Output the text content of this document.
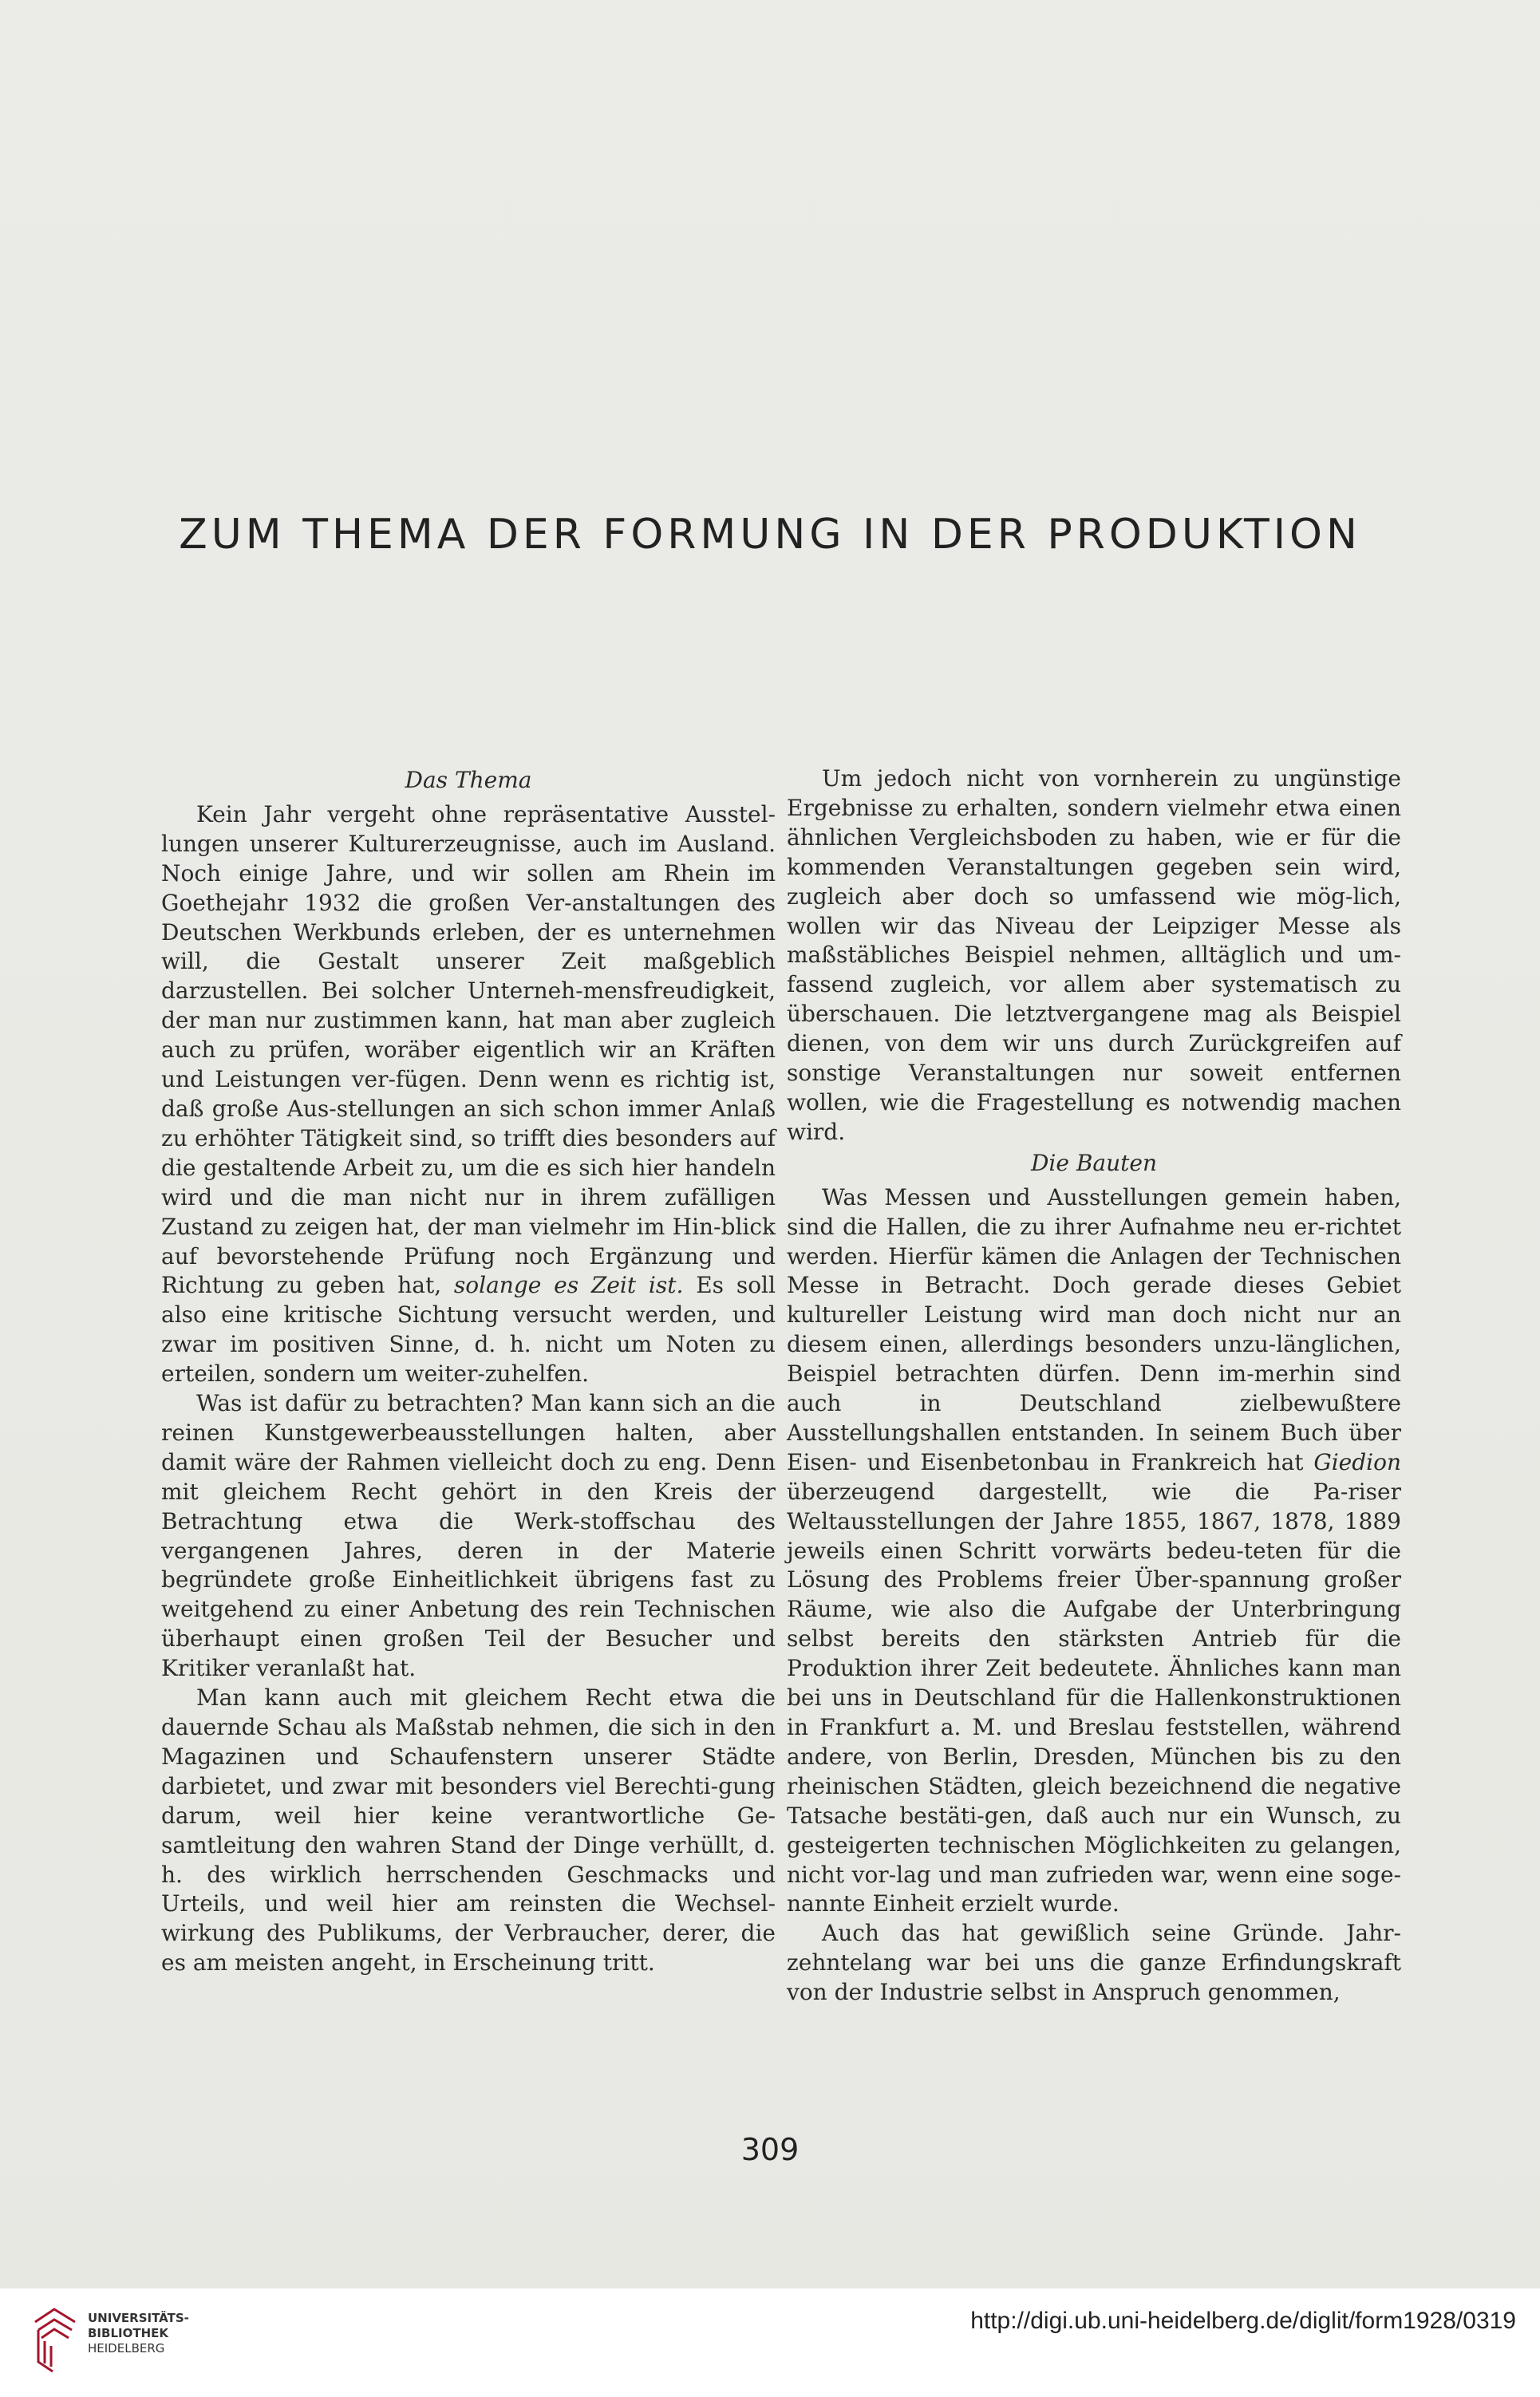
ZUM THEMA DER FORMUNG IN DER PRODUKTION

Das Thema

Kein Jahr vergeht ohne repräsentative Ausstel-lungen unserer Kulturerzeugnisse, auch im Ausland. Noch einige Jahre, und wir sollen am Rhein im Goethejahr 1932 die großen Ver-anstaltungen des Deutschen Werkbunds erleben, der es unternehmen will, die Gestalt unserer Zeit maßgeblich darzustellen. Bei solcher Unterneh-mensfreudigkeit, der man nur zustimmen kann, hat man aber zugleich auch zu prüfen, woräber eigentlich wir an Kräften und Leistungen ver-fügen. Denn wenn es richtig ist, daß große Aus-stellungen an sich schon immer Anlaß zu erhöhter Tätigkeit sind, so trifft dies besonders auf die gestaltende Arbeit zu, um die es sich hier handeln wird und die man nicht nur in ihrem zufälligen Zustand zu zeigen hat, der man vielmehr im Hin-blick auf bevorstehende Prüfung noch Ergänzung und Richtung zu geben hat, solange es Zeit ist. Es soll also eine kritische Sichtung versucht werden, und zwar im positiven Sinne, d. h. nicht um Noten zu erteilen, sondern um weiter-zuhelfen.

Was ist dafür zu betrachten? Man kann sich an die reinen Kunstgewerbeausstellungen halten, aber damit wäre der Rahmen vielleicht doch zu eng. Denn mit gleichem Recht gehört in den Kreis der Betrachtung etwa die Werk-stoffschau des vergangenen Jahres, deren in der Materie begründete große Einheitlichkeit übrigens fast zu weitgehend zu einer Anbetung des rein Technischen überhaupt einen großen Teil der Besucher und Kritiker veranlaßt hat.

Man kann auch mit gleichem Recht etwa die dauernde Schau als Maßstab nehmen, die sich in den Magazinen und Schaufenstern unserer Städte darbietet, und zwar mit besonders viel Berechti-gung darum, weil hier keine verantwortliche Ge-samtleitung den wahren Stand der Dinge verhüllt, d. h. des wirklich herrschenden Geschmacks und Urteils, und weil hier am reinsten die Wechsel-wirkung des Publikums, der Verbraucher, derer, die es am meisten angeht, in Erscheinung tritt.

Um jedoch nicht von vornherein zu ungünstige Ergebnisse zu erhalten, sondern vielmehr etwa einen ähnlichen Vergleichsboden zu haben, wie er für die kommenden Veranstaltungen gegeben sein wird, zugleich aber doch so umfassend wie mög-lich, wollen wir das Niveau der Leipziger Messe als maßstäbliches Beispiel nehmen, alltäglich und um-fassend zugleich, vor allem aber systematisch zu überschauen. Die letztvergangene mag als Beispiel dienen, von dem wir uns durch Zurückgreifen auf sonstige Veranstaltungen nur soweit entfernen wollen, wie die Fragestellung es notwendig machen wird.

Die Bauten

Was Messen und Ausstellungen gemein haben, sind die Hallen, die zu ihrer Aufnahme neu er-richtet werden. Hierfür kämen die Anlagen der Technischen Messe in Betracht. Doch gerade dieses Gebiet kultureller Leistung wird man doch nicht nur an diesem einen, allerdings besonders unzu-länglichen, Beispiel betrachten dürfen. Denn im-merhin sind auch in Deutschland zielbewußtere Ausstellungshallen entstanden. In seinem Buch über Eisen- und Eisenbetonbau in Frankreich hat Giedion überzeugend dargestellt, wie die Pa-riser Weltausstellungen der Jahre 1855, 1867, 1878, 1889 jeweils einen Schritt vorwärts bedeu-teten für die Lösung des Problems freier Über-spannung großer Räume, wie also die Aufgabe der Unterbringung selbst bereits den stärksten Antrieb für die Produktion ihrer Zeit bedeutete. Ähnliches kann man bei uns in Deutschland für die Hallenkonstruktionen in Frankfurt a. M. und Breslau feststellen, während andere, von Berlin, Dresden, München bis zu den rheinischen Städten, gleich bezeichnend die negative Tatsache bestäti-gen, daß auch nur ein Wunsch, zu gesteigerten technischen Möglichkeiten zu gelangen, nicht vor-lag und man zufrieden war, wenn eine soge-nannte Einheit erzielt wurde.

Auch das hat gewißlich seine Gründe. Jahr-zehntelang war bei uns die ganze Erfindungskraft von der Industrie selbst in Anspruch genommen,

309
UNIVERSITÄTS-
BIBLIOTHEK
HEIDELBERG
http://digi.ub.uni-heidelberg.de/diglit/form1928/0319
